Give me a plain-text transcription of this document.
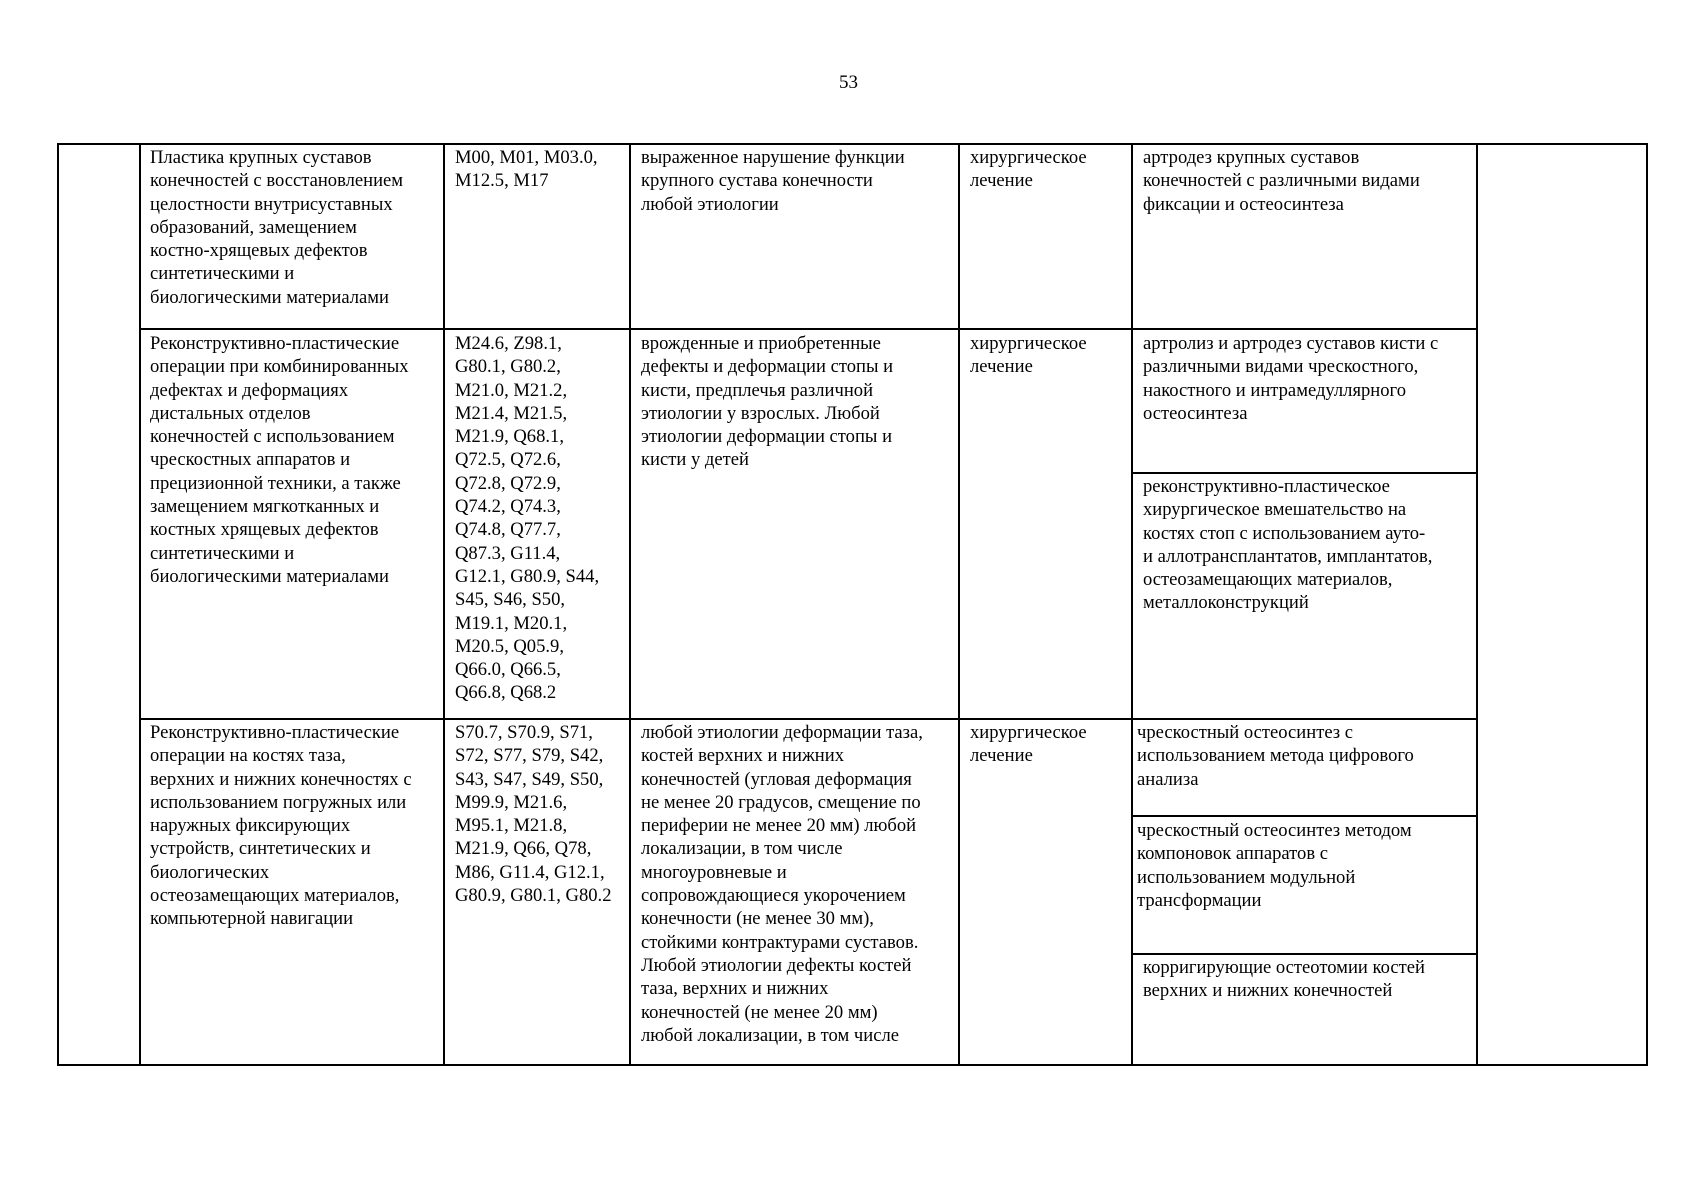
53
Пластика крупных суставов
конечностей с восстановлением
целостности внутрисуставных
образований, замещением
костно-хрящевых дефектов
синтетическими и
биологическими материалами
M00, M01, M03.0,
M12.5, M17
выраженное нарушение функции
крупного сустава конечности
любой этиологии
хирургическое
лечение
артродез крупных суставов
конечностей с различными видами
фиксации и остеосинтеза
Реконструктивно-пластические
операции при комбинированных
дефектах и деформациях
дистальных отделов
конечностей с использованием
чрескостных аппаратов и
прецизионной техники, а также
замещением мягкотканных и
костных хрящевых дефектов
синтетическими и
биологическими материалами
M24.6, Z98.1,
G80.1, G80.2,
M21.0, M21.2,
M21.4, M21.5,
M21.9, Q68.1,
Q72.5, Q72.6,
Q72.8, Q72.9,
Q74.2, Q74.3,
Q74.8, Q77.7,
Q87.3, G11.4,
G12.1, G80.9, S44,
S45, S46, S50,
M19.1, M20.1,
M20.5, Q05.9,
Q66.0, Q66.5,
Q66.8, Q68.2
врожденные и приобретенные
дефекты и деформации стопы и
кисти, предплечья различной
этиологии у взрослых. Любой
этиологии деформации стопы и
кисти у детей
хирургическое
лечение
артролиз и артродез суставов кисти с
различными видами чрескостного,
накостного и интрамедуллярного
остеосинтеза
реконструктивно-пластическое
хирургическое вмешательство на
костях стоп с использованием ауто-
и аллотрансплантатов, имплантатов,
остеозамещающих материалов,
металлоконструкций
Реконструктивно-пластические
операции на костях таза,
верхних и нижних конечностях с
использованием погружных или
наружных фиксирующих
устройств, синтетических и
биологических
остеозамещающих материалов,
компьютерной навигации
S70.7, S70.9, S71,
S72, S77, S79, S42,
S43, S47, S49, S50,
M99.9, M21.6,
M95.1, M21.8,
M21.9, Q66, Q78,
M86, G11.4, G12.1,
G80.9, G80.1, G80.2
любой этиологии деформации таза,
костей верхних и нижних
конечностей (угловая деформация
не менее 20 градусов, смещение по
периферии не менее 20 мм) любой
локализации, в том числе
многоуровневые и
сопровождающиеся укорочением
конечности (не менее 30 мм),
стойкими контрактурами суставов.
Любой этиологии дефекты костей
таза, верхних и нижних
конечностей (не менее 20 мм)
любой локализации, в том числе
хирургическое
лечение
чрескостный остеосинтез с
использованием метода цифрового
анализа
чрескостный остеосинтез методом
компоновок аппаратов с
использованием модульной
трансформации
корригирующие остеотомии костей
верхних и нижних конечностей
